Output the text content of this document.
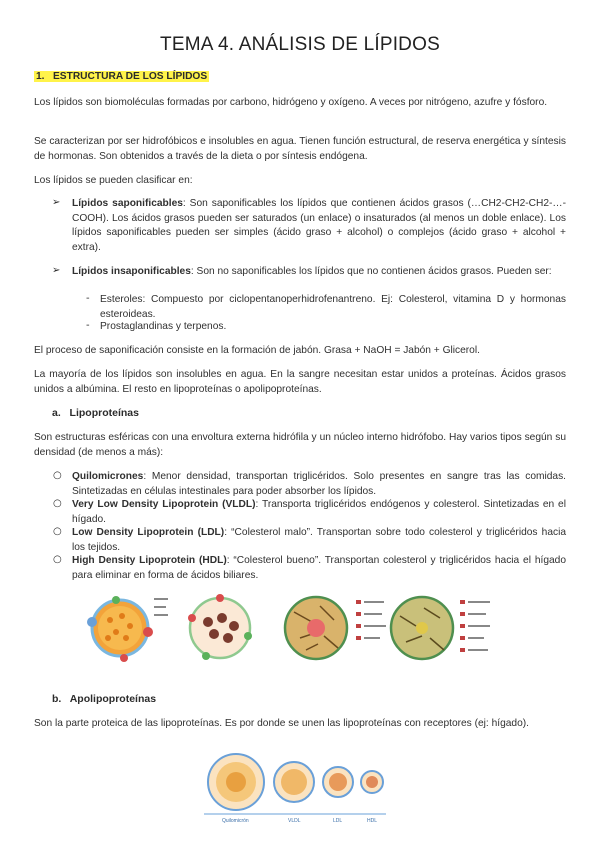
TEMA 4. ANÁLISIS DE LÍPIDOS
1. ESTRUCTURA DE LOS LÍPIDOS
Los lípidos son biomoléculas formadas por carbono, hidrógeno y oxígeno. A veces por nitrógeno, azufre y fósforo.
Se caracterizan por ser hidrofóbicos e insolubles en agua. Tienen función estructural, de reserva energética y síntesis de hormonas. Son obtenidos a través de la dieta o por síntesis endógena.
Los lípidos se pueden clasificar en:
➢ Lípidos saponificables: Son saponificables los lípidos que contienen ácidos grasos (…CH2-CH2-CH2-…-COOH). Los ácidos grasos pueden ser saturados (un enlace) o insaturados (al menos un doble enlace). Los lípidos saponificables pueden ser simples (ácido graso + alcohol) o complejos (ácido graso + alcohol + extra).
➢ Lípidos insaponificables: Son no saponificables los lípidos que no contienen ácidos grasos. Pueden ser:
- Esteroles: Compuesto por ciclopentanoperhidrofenantreno. Ej: Colesterol, vitamina D y hormonas esteroideas.
- Prostaglandinas y terpenos.
El proceso de saponificación consiste en la formación de jabón. Grasa + NaOH = Jabón + Glicerol.
La mayoría de los lípidos son insolubles en agua. En la sangre necesitan estar unidos a proteínas. Ácidos grasos unidos a albúmina. El resto en lipoproteínas o apolipoproteínas.
a. Lipoproteínas
Son estructuras esféricas con una envoltura externa hidrófila y un núcleo interno hidrófobo. Hay varios tipos según su densidad (de menos a más):
○ Quilomicrones: Menor densidad, transportan triglicéridos. Solo presentes en sangre tras las comidas. Sintetizadas en células intestinales para poder absorber los lípidos.
○ Very Low Density Lipoprotein (VLDL): Transporta triglicéridos endógenos y colesterol. Sintetizadas en el hígado.
○ Low Density Lipoprotein (LDL): “Colesterol malo”. Transportan sobre todo colesterol y triglicéridos hacia los tejidos.
○ High Density Lipoprotein (HDL): “Colesterol bueno”. Transportan colesterol y triglicéridos hacia el hígado para eliminar en forma de ácidos biliares.
b. Apolipoproteínas
Son la parte proteica de las lipoproteínas. Es por donde se unen las lipoproteínas con receptores (ej: hígado).
Quilomicrón	VLDL	LDL	HDL
